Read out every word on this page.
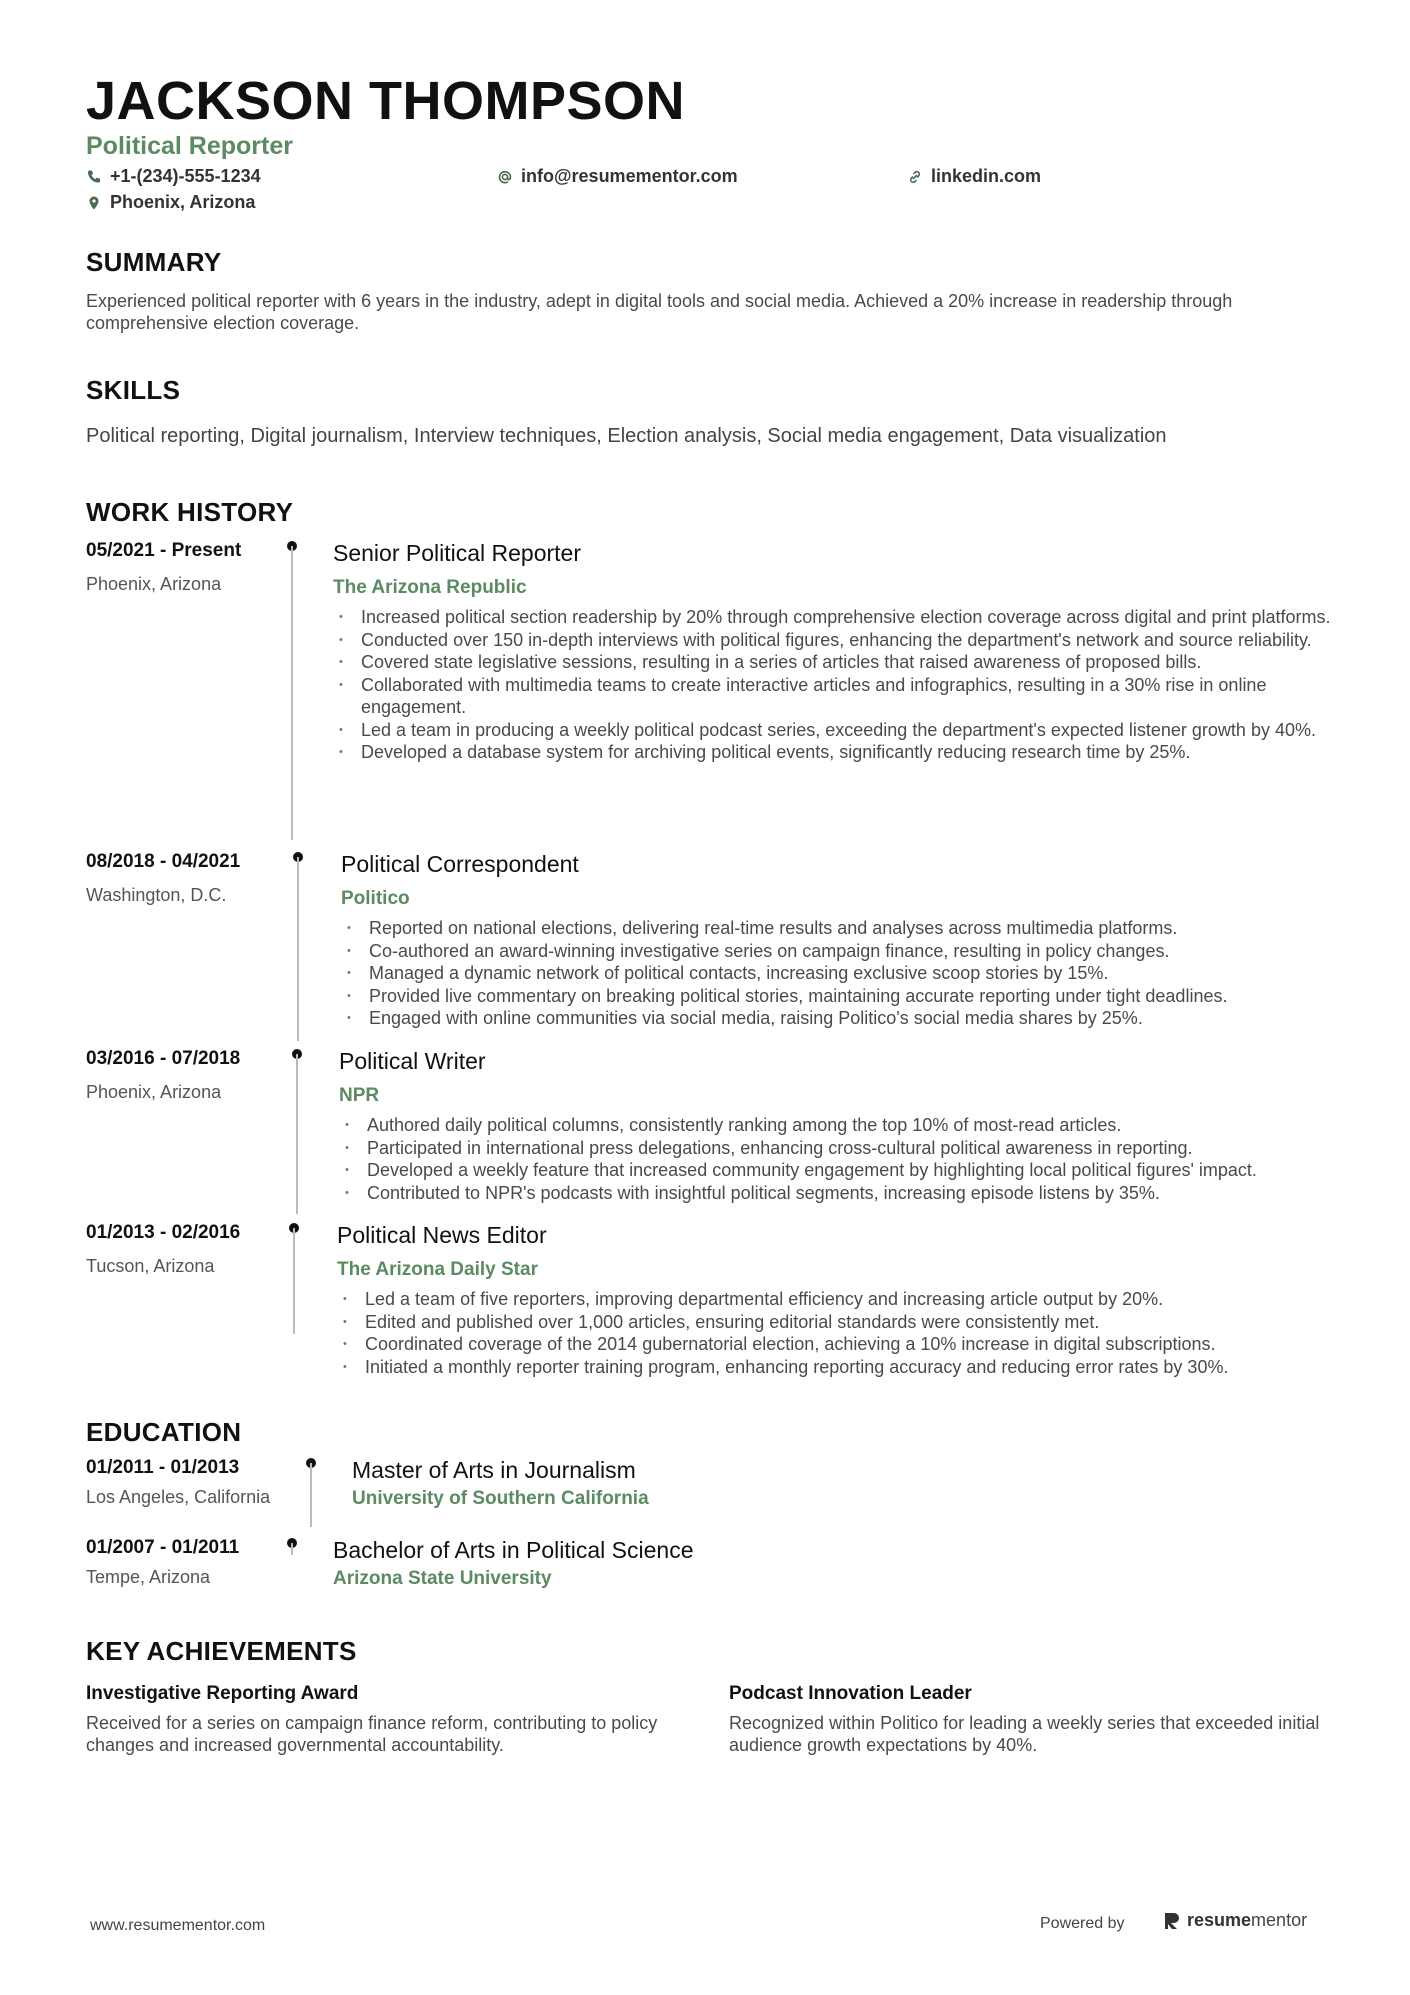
JACKSON THOMPSON
Political Reporter
+1-(234)-555-1234	info@resumementor.com	linkedin.com
Phoenix, Arizona
SUMMARY
Experienced political reporter with 6 years in the industry, adept in digital tools and social media. Achieved a 20% increase in readership through comprehensive election coverage.
SKILLS
Political reporting, Digital journalism, Interview techniques, Election analysis, Social media engagement, Data visualization
WORK HISTORY
05/2021 - Present
Phoenix, Arizona
Senior Political Reporter
The Arizona Republic
• Increased political section readership by 20% through comprehensive election coverage across digital and print platforms.
• Conducted over 150 in-depth interviews with political figures, enhancing the department's network and source reliability.
• Covered state legislative sessions, resulting in a series of articles that raised awareness of proposed bills.
• Collaborated with multimedia teams to create interactive articles and infographics, resulting in a 30% rise in online engagement.
• Led a team in producing a weekly political podcast series, exceeding the department's expected listener growth by 40%.
• Developed a database system for archiving political events, significantly reducing research time by 25%.
08/2018 - 04/2021
Washington, D.C.
Political Correspondent
Politico
• Reported on national elections, delivering real-time results and analyses across multimedia platforms.
• Co-authored an award-winning investigative series on campaign finance, resulting in policy changes.
• Managed a dynamic network of political contacts, increasing exclusive scoop stories by 15%.
• Provided live commentary on breaking political stories, maintaining accurate reporting under tight deadlines.
• Engaged with online communities via social media, raising Politico's social media shares by 25%.
03/2016 - 07/2018
Phoenix, Arizona
Political Writer
NPR
• Authored daily political columns, consistently ranking among the top 10% of most-read articles.
• Participated in international press delegations, enhancing cross-cultural political awareness in reporting.
• Developed a weekly feature that increased community engagement by highlighting local political figures' impact.
• Contributed to NPR's podcasts with insightful political segments, increasing episode listens by 35%.
01/2013 - 02/2016
Tucson, Arizona
Political News Editor
The Arizona Daily Star
• Led a team of five reporters, improving departmental efficiency and increasing article output by 20%.
• Edited and published over 1,000 articles, ensuring editorial standards were consistently met.
• Coordinated coverage of the 2014 gubernatorial election, achieving a 10% increase in digital subscriptions.
• Initiated a monthly reporter training program, enhancing reporting accuracy and reducing error rates by 30%.
EDUCATION
01/2011 - 01/2013
Los Angeles, California
Master of Arts in Journalism
University of Southern California
01/2007 - 01/2011
Tempe, Arizona
Bachelor of Arts in Political Science
Arizona State University
KEY ACHIEVEMENTS
Investigative Reporting Award
Received for a series on campaign finance reform, contributing to policy changes and increased governmental accountability.
Podcast Innovation Leader
Recognized within Politico for leading a weekly series that exceeded initial audience growth expectations by 40%.
www.resumementor.com	Powered by	resumementor
